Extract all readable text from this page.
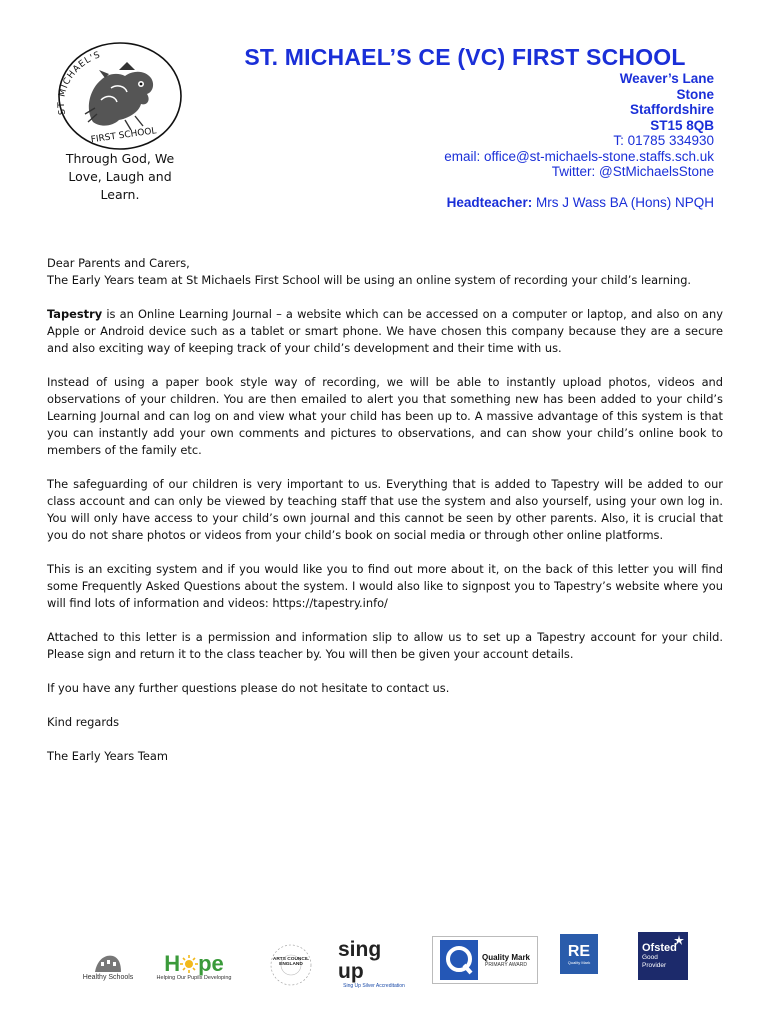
ST MICHAEL'S
FIRST SCHOOL
Through God, We
Love, Laugh and
Learn.
ST. MICHAEL’S CE (VC) FIRST SCHOOL
Weaver’s Lane
Stone
Staffordshire
ST15 8QB
T: 01785 334930
email: office@st-michaels-stone.staffs.sch.uk
Twitter: @StMichaelsStone
Headteacher: Mrs J Wass BA (Hons) NPQH

Dear Parents and Carers,

The Early Years team at St Michaels First School will be using an online system of recording your child’s learning.

Tapestry is an Online Learning Journal – a website which can be accessed on a computer or laptop, and also on any Apple or Android device such as a tablet or smart phone. We have chosen this company because they are a secure and also exciting way of keeping track of your child’s development and their time with us.

Instead of using a paper book style way of recording, we will be able to instantly upload photos, videos and observations of your children. You are then emailed to alert you that something new has been added to your child’s Learning Journal and can log on and view what your child has been up to. A massive advantage of this system is that you can instantly add your own comments and pictures to observations, and can show your child’s online book to members of the family etc.

The safeguarding of our children is very important to us. Everything that is added to Tapestry will be added to our class account and can only be viewed by teaching staff that use the system and also yourself, using your own log in. You will only have access to your child’s own journal and this cannot be seen by other parents. Also, it is crucial that you do not share photos or videos from your child’s book on social media or through other online platforms.

This is an exciting system and if you would like you to find out more about it, on the back of this letter you will find some Frequently Asked Questions about the system. I would also like to signpost you to Tapestry’s website where you will find lots of information and videos: https://tapestry.info/

Attached to this letter is a permission and information slip to allow us to set up a Tapestry account for your child. Please sign and return it to the class teacher by. You will then be given your account details.

If you have any further questions please do not hesitate to contact us.

Kind regards

The Early Years Team

Healthy Schools
H pe
Helping Our Pupils Developing
ARTS COUNCIL ENGLAND
sing up
Sing Up Silver Accreditation
Quality Mark
PRIMARY AWARD
RE
Quality Mark
Ofsted
Good Provider
